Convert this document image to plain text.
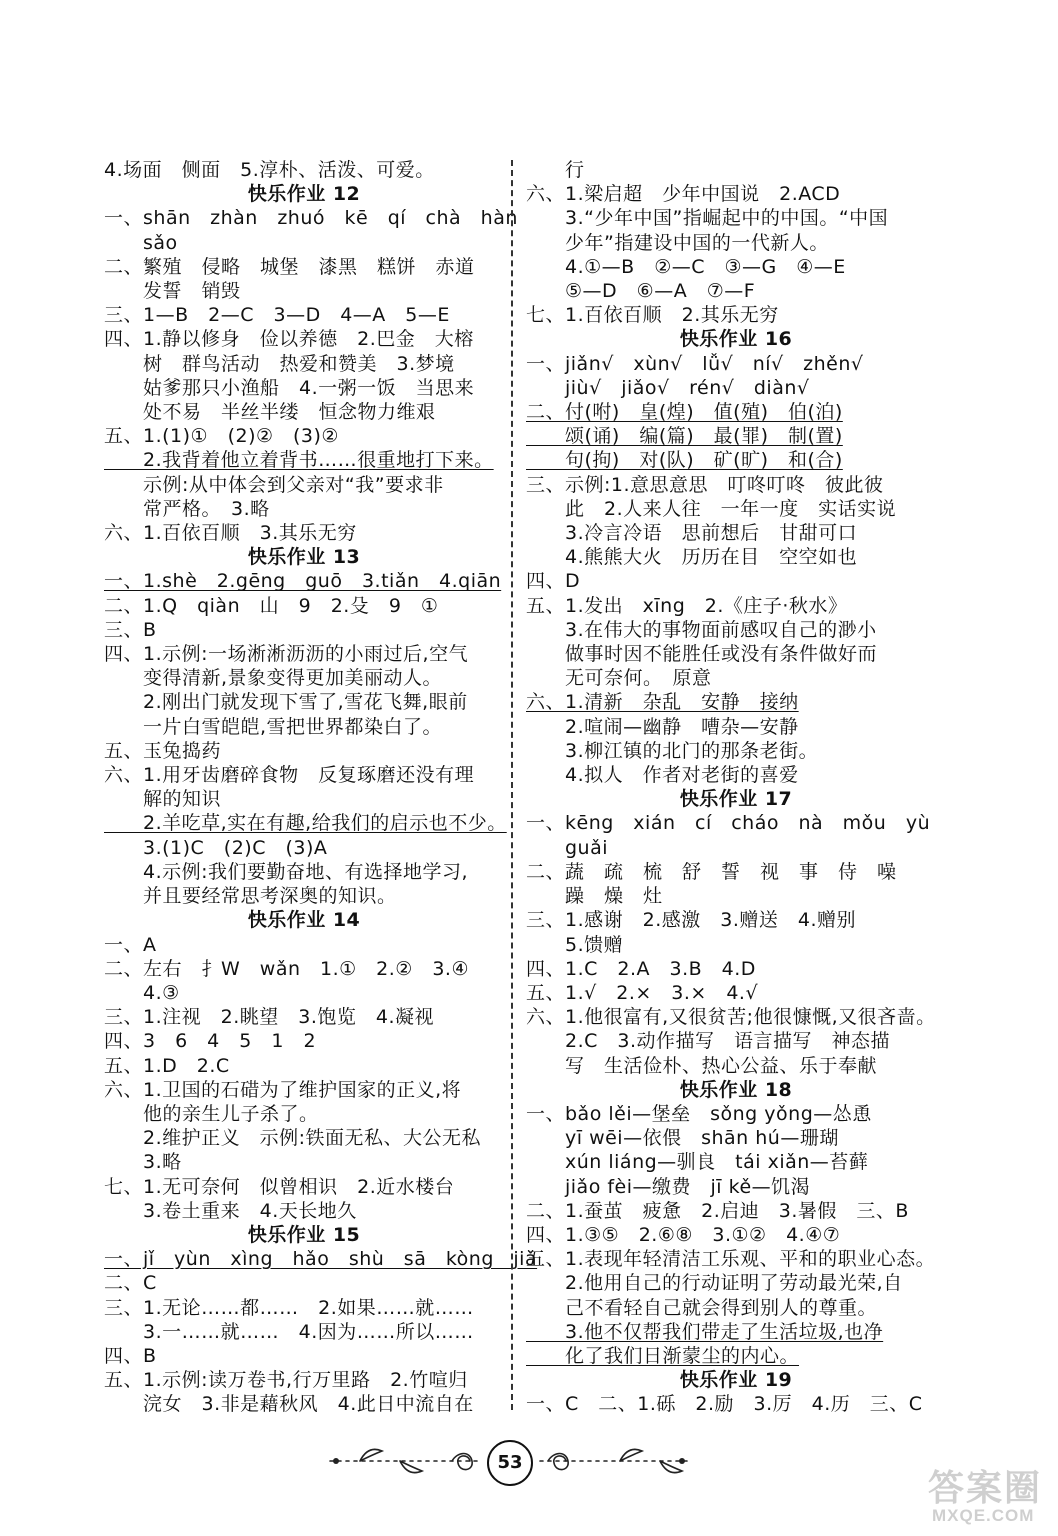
4.场面　侧面　5.淳朴、活泼、可爱。
快乐作业 12
一、shān　zhàn　zhuó　kē　qí　chà　hàn
　　sǎo
二、繁殖　侵略　城堡　漆黑　糕饼　赤道
　　发誓　销毁
三、1—B　2—C　3—D　4—A　5—E
四、1.静以修身　俭以养德　2.巴金　大榕
　　树　群鸟活动　热爱和赞美　3.梦境
　　姑爹那只小渔船　4.一粥一饭　当思来
　　处不易　半丝半缕　恒念物力维艰
五、1.(1)①　(2)②　(3)②
　　2.我背着他立着背书……很重地打下来。
　　示例:从中体会到父亲对“我”要求非
　　常严格。　3.略
六、1.百依百顺　3.其乐无穷
快乐作业 13
一、1.shè　2.gēng　guō　3.tiǎn　4.qiān
二、1.Q　qiàn　山　9　2.殳　9　①
三、B
四、1.示例:一场淅淅沥沥的小雨过后,空气
　　变得清新,景象变得更加美丽动人。
　　2.刚出门就发现下雪了,雪花飞舞,眼前
　　一片白雪皑皑,雪把世界都染白了。
五、玉兔捣药
六、1.用牙齿磨碎食物　反复琢磨还没有理
　　解的知识
　　2.羊吃草,实在有趣,给我们的启示也不少。
　　3.(1)C　(2)C　(3)A
　　4.示例:我们要勤奋地、有选择地学习,
　　并且要经常思考深奥的知识。
快乐作业 14
一、A
二、左右　扌W　wǎn　1.①　2.②　3.④
　　4.③
三、1.注视　2.眺望　3.饱览　4.凝视
四、3　6　4　5　1　2
五、1.D　2.C
六、1.卫国的石碏为了维护国家的正义,将
　　他的亲生儿子杀了。
　　2.维护正义　示例:铁面无私、大公无私
　　3.略
七、1.无可奈何　似曾相识　2.近水楼台
　　3.卷土重来　4.天长地久
快乐作业 15
一、jǐ　yùn　xìng　hǎo　shù　sā　kòng　jiǎ
二、C
三、1.无论……都……　2.如果……就……
　　3.一……就……　4.因为……所以……
四、B
五、1.示例:读万卷书,行万里路　2.竹喧归
　　浣女　3.非是藉秋风　4.此日中流自在
　　行
六、1.梁启超　少年中国说　2.ACD
　　3.“少年中国”指崛起中的中国。“中国
　　少年”指建设中国的一代新人。
　　4.①—B　②—C　③—G　④—E
　　⑤—D　⑥—A　⑦—F
七、1.百依百顺　2.其乐无穷
快乐作业 16
一、jiǎn√　xùn√　lǚ√　ní√　zhěn√
　　jiù√　jiǎo√　rén√　diàn√
二、付(咐)　皇(煌)　值(殖)　伯(泊)
　　颂(诵)　编(篇)　最(罪)　制(置)
　　句(拘)　对(队)　矿(旷)　和(合)
三、示例:1.意思意思　叮咚叮咚　彼此彼
　　此　2.人来人往　一年一度　实话实说
　　3.冷言冷语　思前想后　甘甜可口
　　4.熊熊大火　历历在目　空空如也
四、D
五、1.发出　xīng　2.《庄子·秋水》
　　3.在伟大的事物面前感叹自己的渺小
　　做事时因不能胜任或没有条件做好而
　　无可奈何。　原意
六、1.清新　杂乱　安静　接纳
　　2.喧闹—幽静　嘈杂—安静
　　3.柳江镇的北门的那条老街。
　　4.拟人　作者对老街的喜爱
快乐作业 17
一、kēng　xián　cí　cháo　nà　mǒu　yù
　　guǎi
二、蔬　疏　梳　舒　誓　视　事　侍　噪
　　躁　燥　灶
三、1.感谢　2.感激　3.赠送　4.赠别
　　5.馈赠
四、1.C　2.A　3.B　4.D
五、1.√　2.×　3.×　4.√
六、1.他很富有,又很贫苦;他很慷慨,又很吝啬。
　　2.C　3.动作描写　语言描写　神态描
　　写　生活俭朴、热心公益、乐于奉献
快乐作业 18
一、bǎo lěi—堡垒　sǒng yǒng—怂恿
　　yī wēi—依偎　shān hú—珊瑚
　　xún liáng—驯良　tái xiǎn—苔藓
　　jiǎo fèi—缴费　jī kě—饥渴
二、1.蚕茧　疲惫　2.启迪　3.暑假　三、B
四、1.③⑤　2.⑥⑧　3.①②　4.④⑦
五、1.表现年轻清洁工乐观、平和的职业心态。
　　2.他用自己的行动证明了劳动最光荣,自
　　己不看轻自己就会得到别人的尊重。
　　3.他不仅帮我们带走了生活垃圾,也净
　　化了我们日渐蒙尘的内心。
快乐作业 19
一、C　二、1.砾　2.励　3.厉　4.历　三、C
53
答案圈
MXQE.COM
